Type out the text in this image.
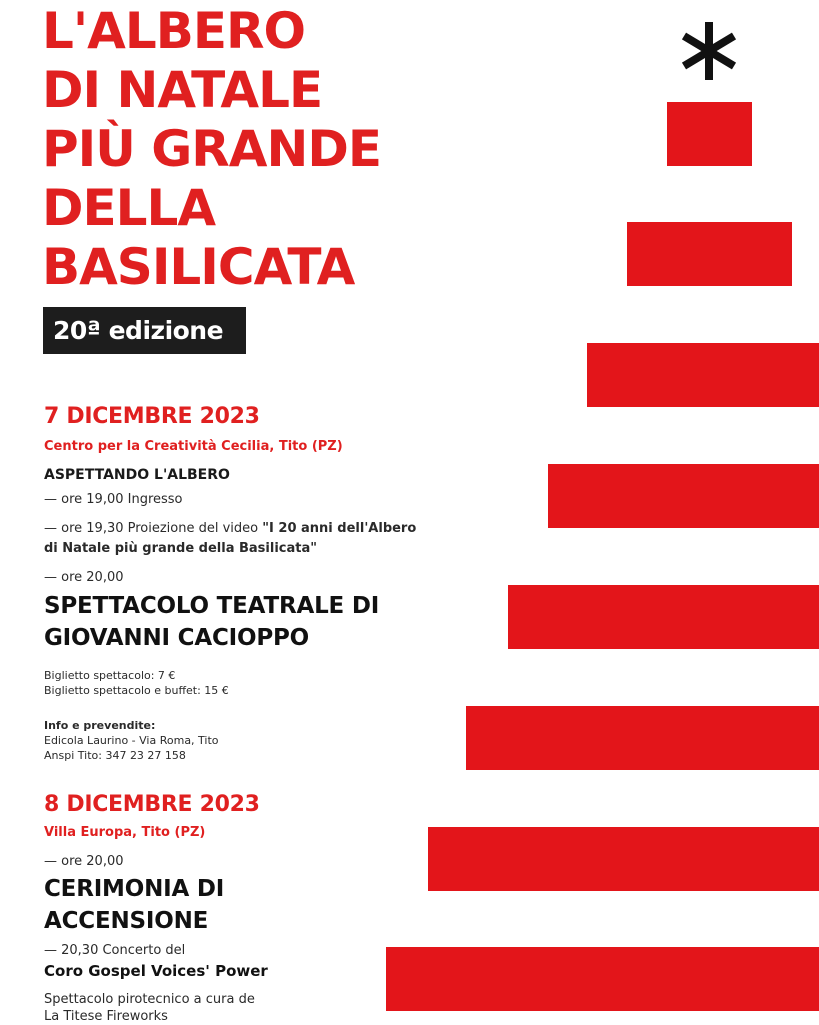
L'ALBERO
DI NATALE
PIÙ GRANDE
DELLA
BASILICATA
20ª edizione
7 DICEMBRE 2023
Centro per la Creatività Cecilia, Tito (PZ)
ASPETTANDO L'ALBERO
— ore 19,00 Ingresso
— ore 19,30 Proiezione del video "I 20 anni dell'Albero
di Natale più grande della Basilicata"
— ore 20,00
SPETTACOLO TEATRALE DI
GIOVANNI CACIOPPO
Biglietto spettacolo: 7 €
Biglietto spettacolo e buffet: 15 €
Info e prevendite:
Edicola Laurino - Via Roma, Tito
Anspi Tito: 347 23 27 158
8 DICEMBRE 2023
Villa Europa, Tito (PZ)
— ore 20,00
CERIMONIA DI
ACCENSIONE
— 20,30 Concerto del
Coro Gospel Voices' Power
Spettacolo pirotecnico a cura de
La Titese Fireworks
